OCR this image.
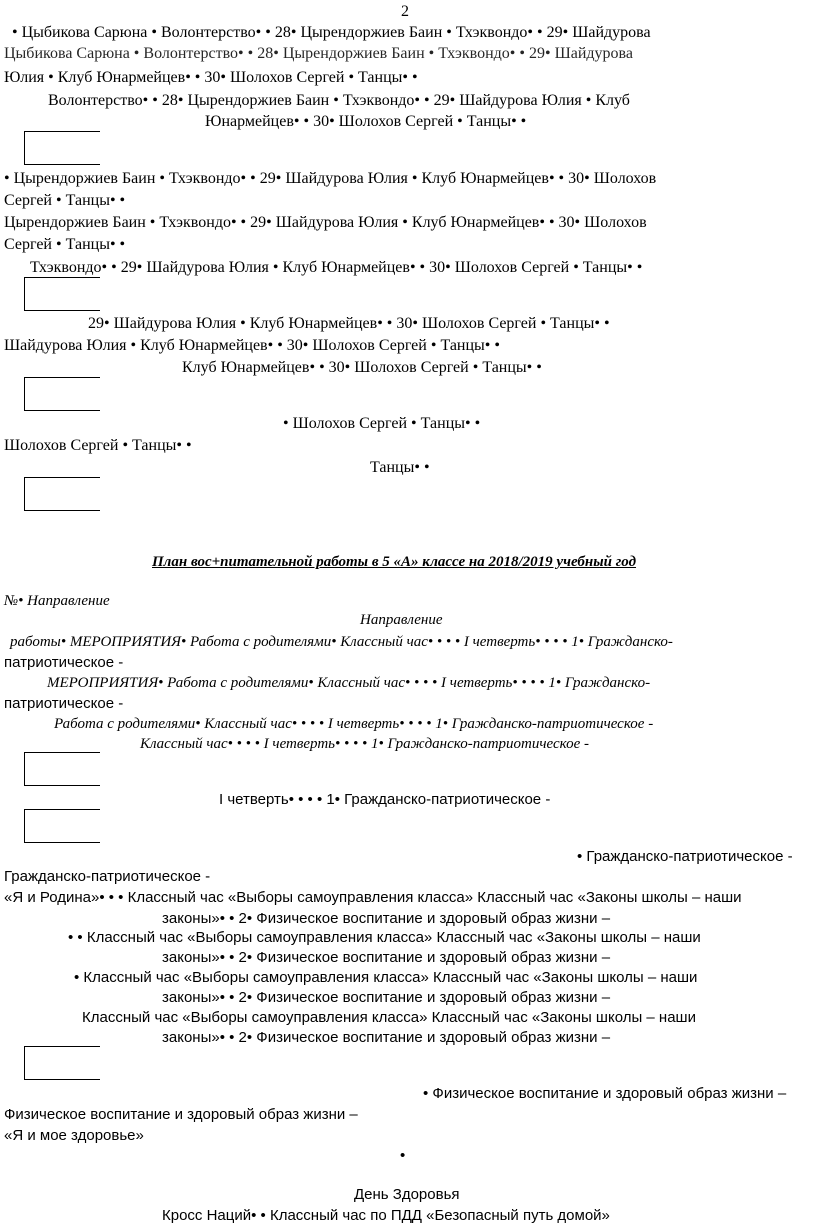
2
• Цыбикова Сарюна • Волонтерство• • 28• Цырендоржиев Баин • Тхэквондо• • 29• Шайдурова
Цыбикова Сарюна • Волонтерство• • 28• Цырендоржиев Баин • Тхэквондо• • 29• Шайдурова
Юлия • Клуб Юнармейцев• • 30• Шолохов Сергей • Танцы• •
Волонтерство• • 28• Цырендоржиев Баин • Тхэквондо• • 29• Шайдурова Юлия • Клуб
Юнармейцев• • 30• Шолохов Сергей • Танцы• •
• Цырендоржиев Баин • Тхэквондо• • 29• Шайдурова Юлия • Клуб Юнармейцев• • 30• Шолохов
Сергей • Танцы• •
Цырендоржиев Баин • Тхэквондо• • 29• Шайдурова Юлия • Клуб Юнармейцев• • 30• Шолохов
Сергей • Танцы• •
Тхэквондо• • 29• Шайдурова Юлия • Клуб Юнармейцев• • 30• Шолохов Сергей • Танцы• •
29• Шайдурова Юлия • Клуб Юнармейцев• • 30• Шолохов Сергей • Танцы• •
Шайдурова Юлия • Клуб Юнармейцев• • 30• Шолохов Сергей • Танцы• •
Клуб Юнармейцев• • 30• Шолохов Сергей • Танцы• •
• Шолохов Сергей • Танцы• •
Шолохов Сергей • Танцы• •
Танцы• •
План вос+питательной работы в 5 «А» классе на 2018/2019 учебный год
№• Направление
Направление
работы• МЕРОПРИЯТИЯ• Работа с родителями• Классный час• • • • I четверть• • • • 1• Гражданско-
патриотическое -
МЕРОПРИЯТИЯ• Работа с родителями• Классный час• • • • I четверть• • • • 1• Гражданско-
патриотическое -
Работа с родителями• Классный час• • • • I четверть• • • • 1• Гражданско-патриотическое -
Классный час• • • • I четверть• • • • 1• Гражданско-патриотическое -
I четверть• • • • 1• Гражданско-патриотическое -
• Гражданско-патриотическое -
Гражданско-патриотическое -
«Я и Родина»• • • Классный час «Выборы самоуправления класса» Классный час «Законы школы – наши
законы»• • 2• Физическое воспитание и здоровый образ жизни –
• • Классный час «Выборы самоуправления класса» Классный час «Законы школы – наши
законы»• • 2• Физическое воспитание и здоровый образ жизни –
• Классный час «Выборы самоуправления класса» Классный час «Законы школы – наши
законы»• • 2• Физическое воспитание и здоровый образ жизни –
Классный час «Выборы самоуправления класса» Классный час «Законы школы – наши
законы»• • 2• Физическое воспитание и здоровый образ жизни –
• Физическое воспитание и здоровый образ жизни –
Физическое воспитание и здоровый образ жизни –
«Я и мое здоровье»
•
День Здоровья
Кросс Наций• • Классный час по ПДД «Безопасный путь домой»
